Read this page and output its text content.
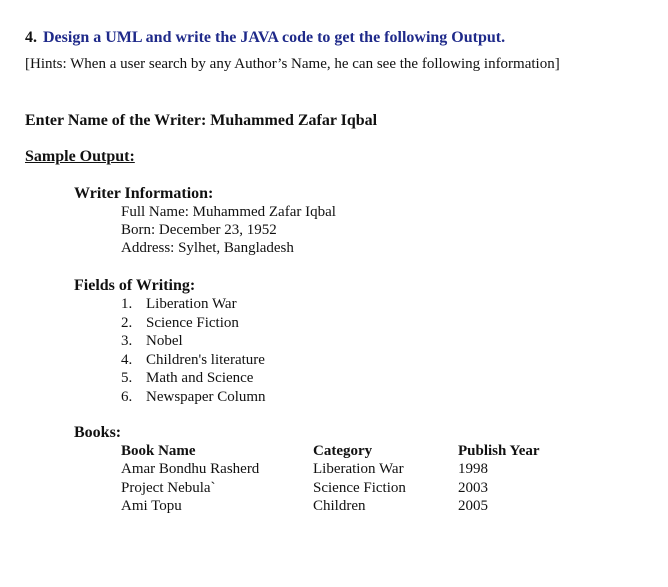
4. Design a UML and write the JAVA code to get the following Output.
[Hints: When a user search by any Author’s Name, he can see the following information]
Enter Name of the Writer: Muhammed Zafar Iqbal
Sample Output:
Writer Information:
Full Name: Muhammed Zafar Iqbal
Born: December 23, 1952
Address: Sylhet, Bangladesh
Fields of Writing:
1. Liberation War
2. Science Fiction
3. Nobel
4. Children's literature
5. Math and Science
6. Newspaper Column
Books:
Book Name	Category	Publish Year
Amar Bondhu Rasherd	Liberation War	1998
Project Nebula`	Science Fiction	2003
Ami Topu	Children	2005
